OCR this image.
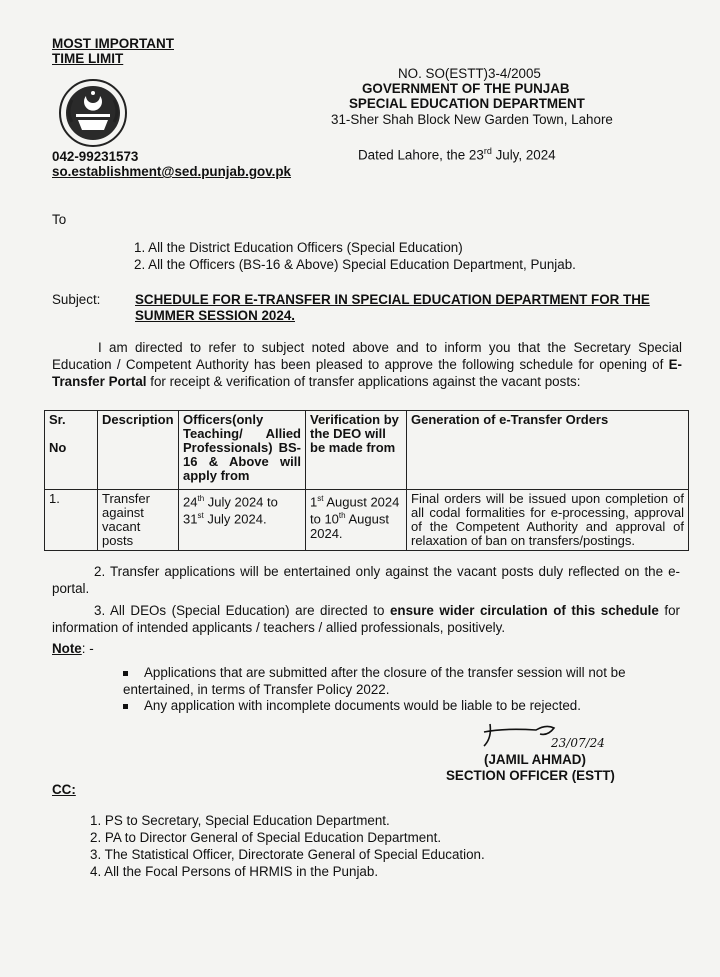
MOST IMPORTANT
TIME LIMIT
NO. SO(ESTT)3-4/2005
GOVERNMENT OF THE PUNJAB
SPECIAL EDUCATION DEPARTMENT
31-Sher Shah Block New Garden Town, Lahore
042-99231573
so.establishment@sed.punjab.gov.pk
Dated Lahore, the 23rd July, 2024
To
1. All the District Education Officers (Special Education)
2. All the Officers (BS-16 & Above) Special Education Department, Punjab.
Subject:	SCHEDULE FOR E-TRANSFER IN SPECIAL EDUCATION DEPARTMENT FOR THE
SUMMER SESSION 2024.

I am directed to refer to subject noted above and to inform you that the Secretary Special Education / Competent Authority has been pleased to approve the following schedule for opening of E-Transfer Portal for receipt & verification of transfer applications against the vacant posts:

Sr.
No	Description	Officers(only Teaching/ Allied Professionals) BS-16 & Above will apply from	Verification by the DEO will be made from	Generation of e-Transfer Orders
1.	Transfer against vacant posts	24th July 2024 to 31st July 2024.	1st August 2024 to 10th August 2024.	Final orders will be issued upon completion of all codal formalities for e-processing, approval of the Competent Authority and approval of relaxation of ban on transfers/postings.

2. Transfer applications will be entertained only against the vacant posts duly reflected on the e-portal.

3. All DEOs (Special Education) are directed to ensure wider circulation of this schedule for information of intended applicants / teachers / allied professionals, positively.

Note: -
Applications that are submitted after the closure of the transfer session will not be entertained, in terms of Transfer Policy 2022.
Any application with incomplete documents would be liable to be rejected.
23/07/24
(JAMIL AHMAD)
SECTION OFFICER (ESTT)
CC:
1. PS to Secretary, Special Education Department.
2. PA to Director General of Special Education Department.
3. The Statistical Officer, Directorate General of Special Education.
4. All the Focal Persons of HRMIS in the Punjab.
